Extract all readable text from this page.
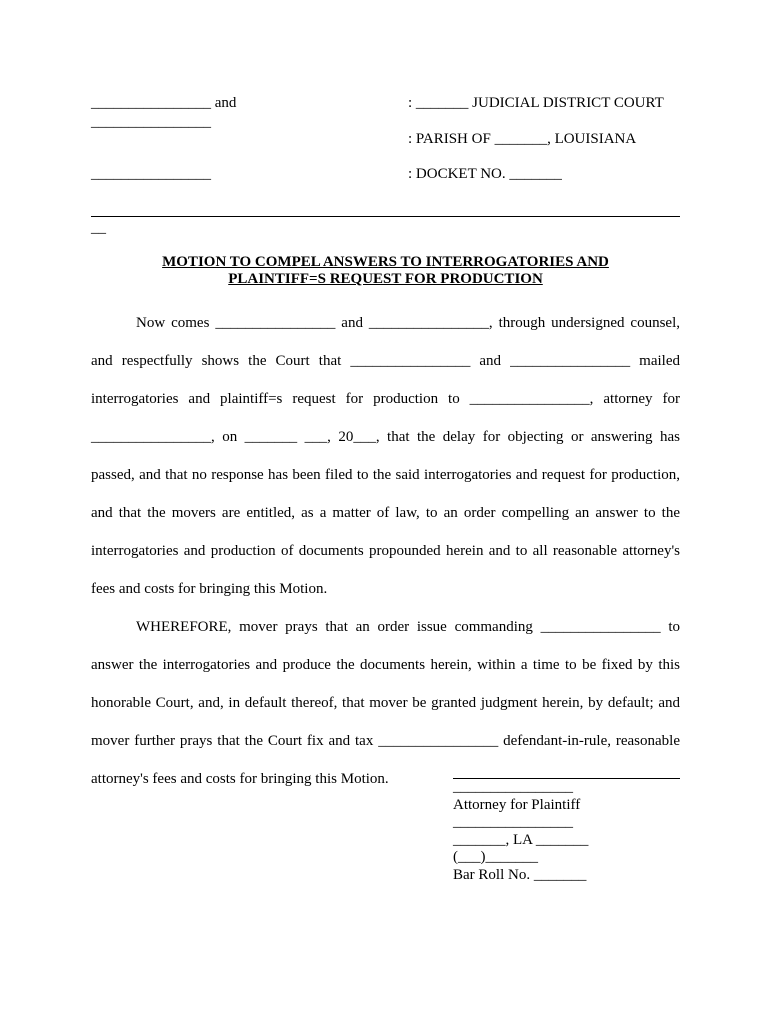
________________ and
________________
________________
: _______ JUDICIAL DISTRICT COURT
: PARISH OF _______, LOUISIANA
: DOCKET NO. _______
__
MOTION TO COMPEL ANSWERS TO INTERROGATORIES AND
PLAINTIFF=S REQUEST FOR PRODUCTION

Now comes ________________ and ________________, through undersigned counsel, and respectfully shows the Court that ________________ and ________________ mailed interrogatories and plaintiff=s request for production to ________________, attorney for ________________, on _______ ___, 20___, that the delay for objecting or answering has passed, and that no response has been filed to the said interrogatories and request for production, and that the movers are entitled, as a matter of law, to an order compelling an answer to the interrogatories and production of documents propounded herein and to all reasonable attorney's fees and costs for bringing this Motion.

WHEREFORE, mover prays that an order issue commanding ________________ to answer the interrogatories and produce the documents herein, within a time to be fixed by this honorable Court, and, in default thereof, that mover be granted judgment herein, by default; and mover further prays that the Court fix and tax ________________ defendant-in-rule, reasonable attorney's fees and costs for bringing this Motion.	________________
Attorney for Plaintiff
________________
_______, LA _______
(___)_______
Bar Roll No. _______
